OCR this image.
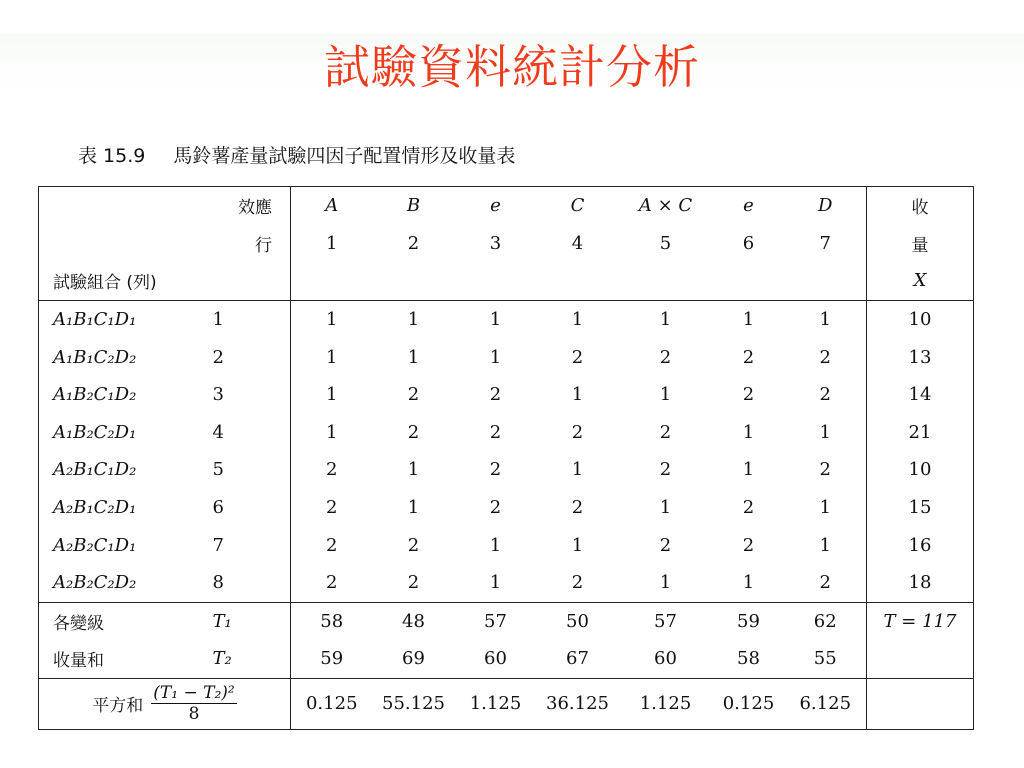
試驗資料統計分析
表 15.9 馬鈴薯產量試驗四因子配置情形及收量表
	效應	A	B	e	C	A × C	e	D	收
	行	1	2	3	4	5	6	7	量
試驗組合 (列)									X
A₁B₁C₁D₁	1	1	1	1	1	1	1	1	10
A₁B₁C₂D₂	2	1	1	1	2	2	2	2	13
A₁B₂C₁D₂	3	1	2	2	1	1	2	2	14
A₁B₂C₂D₁	4	1	2	2	2	2	1	1	21
A₂B₁C₁D₂	5	2	1	2	1	2	1	2	10
A₂B₁C₂D₁	6	2	1	2	2	1	2	1	15
A₂B₂C₁D₁	7	2	2	1	1	2	2	1	16
A₂B₂C₂D₂	8	2	2	1	2	1	1	2	18
各變級	T₁	58	48	57	50	57	59	62	T = 117
收量和	T₂	59	69	60	67	60	58	55	

平方和 $\frac{\text{(T₁ − T₂)²}}{8}$		0.125	55.125	1.125	36.125	1.125	0.125	6.125	
